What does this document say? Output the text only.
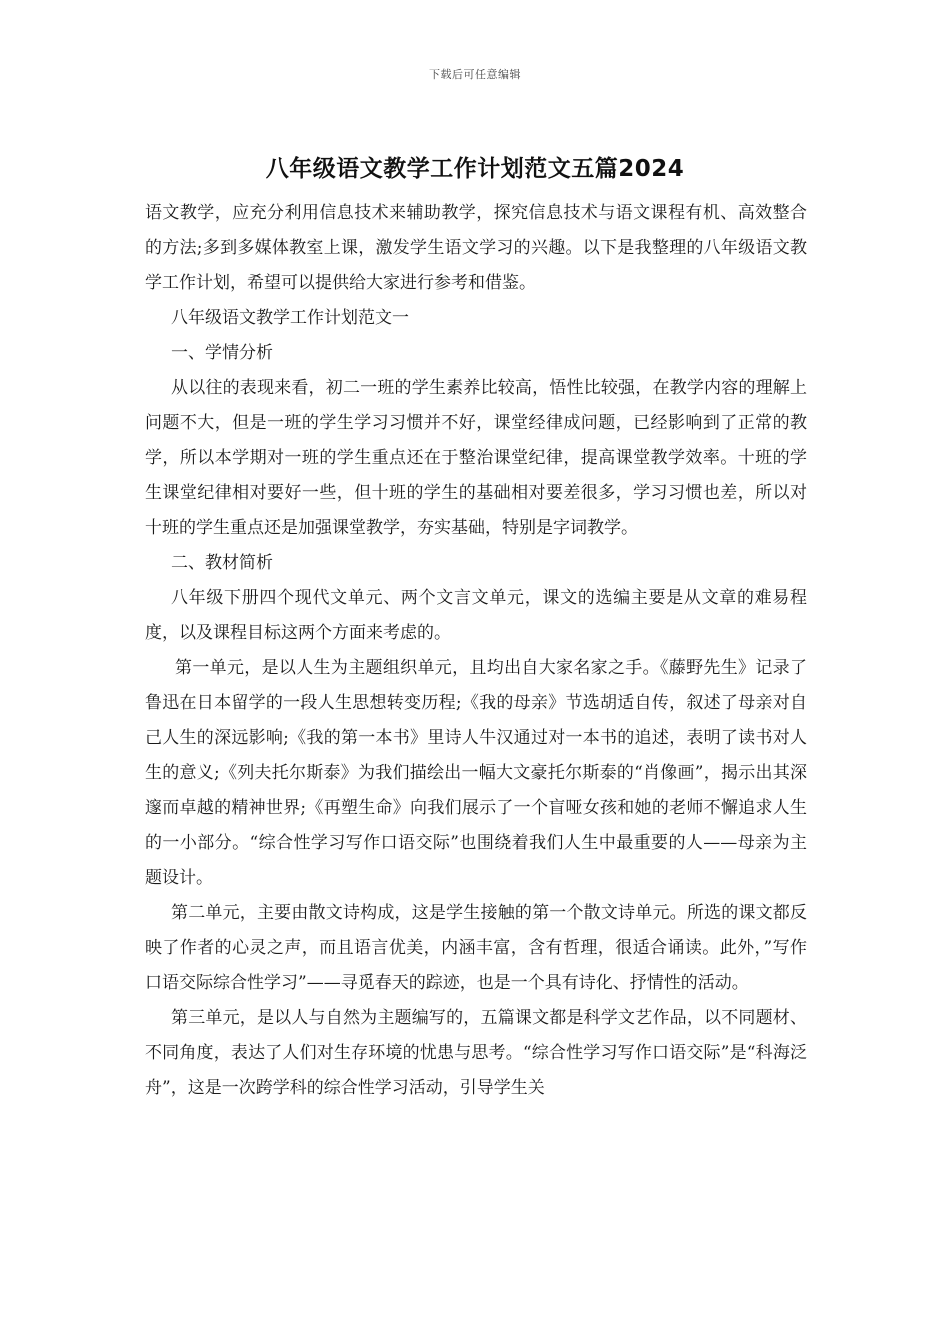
下载后可任意编辑
八年级语文教学工作计划范文五篇2024

语文教学，应充分利用信息技术来辅助教学，探究信息技术与语文课程有机、高效整合的方法;多到多媒体教室上课，激发学生语文学习的兴趣。以下是我整理的八年级语文教学工作计划，希望可以提供给大家进行参考和借鉴。

八年级语文教学工作计划范文一

一、学情分析

从以往的表现来看，初二一班的学生素养比较高，悟性比较强，在教学内容的理解上问题不大，但是一班的学生学习习惯并不好，课堂经律成问题，已经影响到了正常的教学，所以本学期对一班的学生重点还在于整治课堂纪律，提高课堂教学效率。十班的学生课堂纪律相对要好一些，但十班的学生的基础相对要差很多，学习习惯也差，所以对十班的学生重点还是加强课堂教学，夯实基础，特别是字词教学。

二、教材简析

八年级下册四个现代文单元、两个文言文单元，课文的选编主要是从文章的难易程度，以及课程目标这两个方面来考虑的。

第一单元，是以人生为主题组织单元，且均出自大家名家之手。《藤野先生》记录了鲁迅在日本留学的一段人生思想转变历程;《我的母亲》节选胡适自传，叙述了母亲对自己人生的深远影响;《我的第一本书》里诗人牛汉通过对一本书的追述，表明了读书对人生的意义;《列夫托尔斯泰》为我们描绘出一幅大文豪托尔斯泰的“肖像画”，揭示出其深邃而卓越的精神世界;《再塑生命》向我们展示了一个盲哑女孩和她的老师不懈追求人生的一小部分。“综合性学习写作口语交际”也围绕着我们人生中最重要的人——母亲为主题设计。

第二单元，主要由散文诗构成，这是学生接触的第一个散文诗单元。所选的课文都反映了作者的心灵之声，而且语言优美，内涵丰富，含有哲理，很适合诵读。此外，”写作口语交际综合性学习”——寻觅春天的踪迹，也是一个具有诗化、抒情性的活动。

第三单元，是以人与自然为主题编写的，五篇课文都是科学文艺作品，以不同题材、不同角度，表达了人们对生存环境的忧患与思考。“综合性学习写作口语交际”是“科海泛舟”，这是一次跨学科的综合性学习活动，引导学生关
